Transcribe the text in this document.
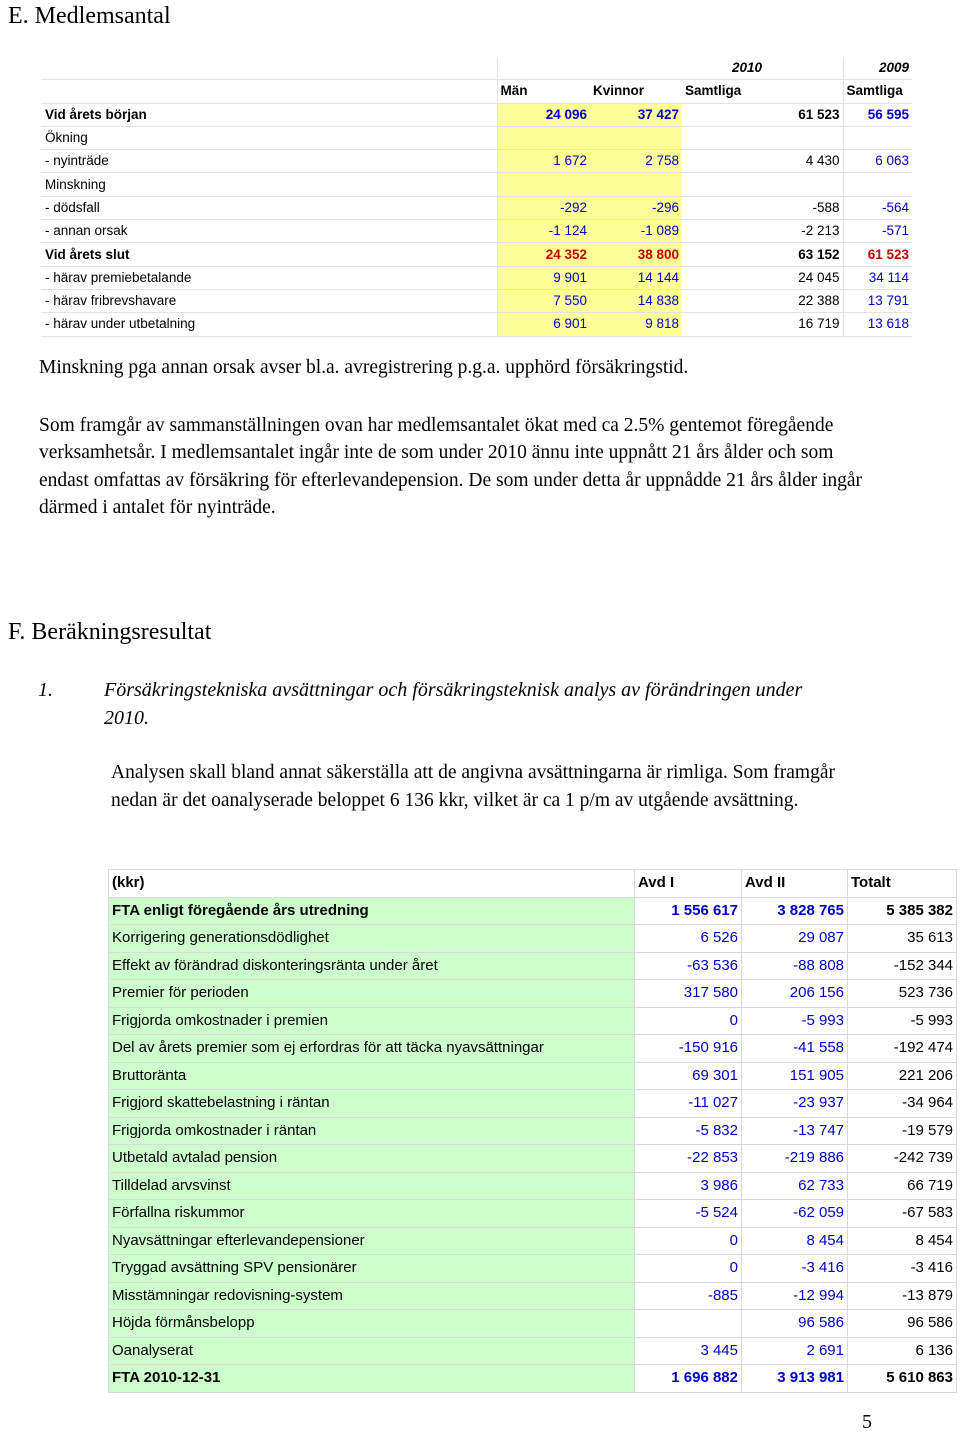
E. Medlemsantal
	2010				2009
	Män	Kvinnor	Samtliga		Samtliga
Vid årets början	24 096	37 427	61 523		56 595
Ökning					
- nyinträde	1 672	2 758	4 430		6 063
Minskning					
- dödsfall	-292	-296	-588		-564
- annan orsak	-1 124	-1 089	-2 213		-571
Vid årets slut	24 352	38 800	63 152		61 523
- härav premiebetalande	9 901	14 144	24 045		34 114
- härav fribrevshavare	7 550	14 838	22 388		13 791
- härav under utbetalning	6 901	9 818	16 719		13 618

Minskning pga annan orsak avser bl.a. avregistrering p.g.a. upphörd försäkringstid.

Som framgår av sammanställningen ovan har medlemsantalet ökat med ca 2.5% gentemot föregående verksamhetsår. I medlemsantalet ingår inte de som under 2010 ännu inte uppnått 21 års ålder och som endast omfattas av försäkring för efterlevandepension. De som under detta år uppnådde 21 års ålder ingår därmed i antalet för nyinträde.

F. Beräkningsresultat
1.	Försäkringstekniska avsättningar och försäkringsteknisk analys av förändringen under 2010.
Analysen skall bland annat säkerställa att de angivna avsättningarna är rimliga. Som framgår nedan är det oanalyserade beloppet 6 136 kkr, vilket är ca 1 p/m av utgående avsättning.
(kkr)	Avd I	Avd II	Totalt
FTA enligt föregående års utredning	1 556 617	3 828 765	5 385 382
Korrigering generationsdödlighet	6 526	29 087	35 613
Effekt av förändrad diskonteringsränta under året	-63 536	-88 808	-152 344
Premier för perioden	317 580	206 156	523 736
Frigjorda omkostnader i premien	0	-5 993	-5 993
Del av årets premier som ej erfordras för att täcka nyavsättningar	-150 916	-41 558	-192 474
Bruttoränta	69 301	151 905	221 206
Frigjord skattebelastning i räntan	-11 027	-23 937	-34 964
Frigjorda omkostnader i räntan	-5 832	-13 747	-19 579
Utbetald avtalad pension	-22 853	-219 886	-242 739
Tilldelad arvsvinst	3 986	62 733	66 719
Förfallna riskummor	-5 524	-62 059	-67 583
Nyavsättningar efterlevandepensioner	0	8 454	8 454
Tryggad avsättning SPV pensionärer	0	-3 416	-3 416
Misstämningar redovisning-system	-885	-12 994	-13 879
Höjda förmånsbelopp		96 586	96 586
Oanalyserat	3 445	2 691	6 136
FTA 2010-12-31	1 696 882	3 913 981	5 610 863
5
